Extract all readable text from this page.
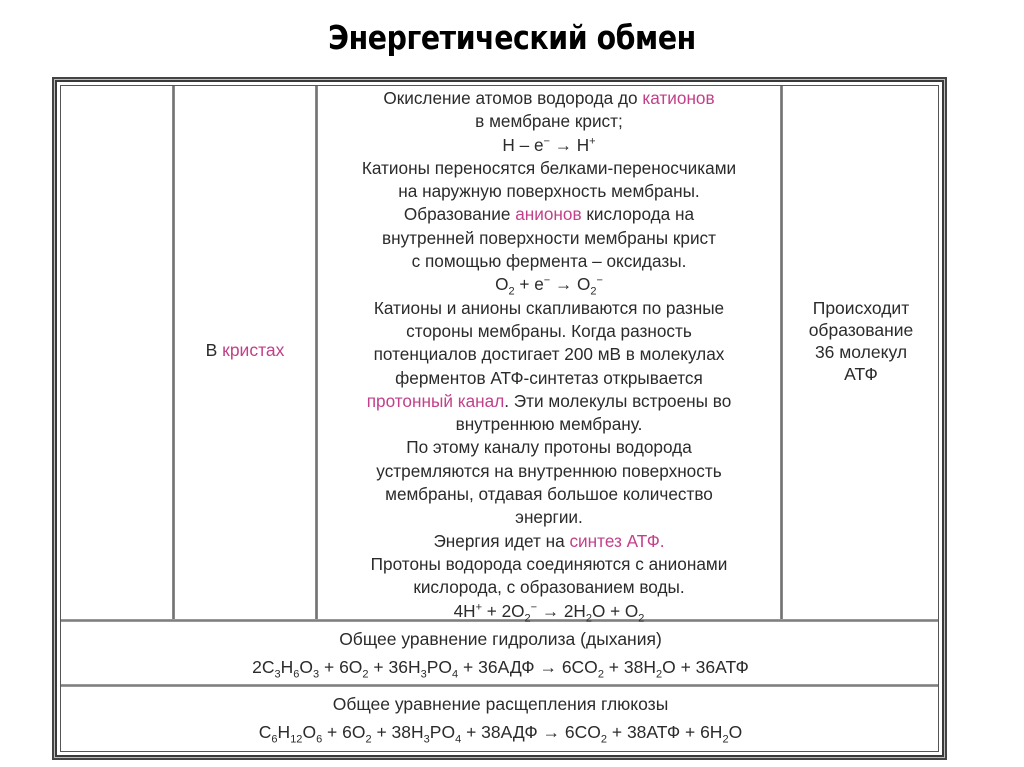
Энергетический обмен
В кристах
Окисление атомов водорода до катионов
в мембране крист;
H – e− → H+
Катионы переносятся белками-переносчиками
на наружную поверхность мембраны.
Образование анионов кислорода на
внутренней поверхности мембраны крист
с помощью фермента – оксидазы.
$O_2 + e^- \to O_2^-$
Катионы и анионы скапливаются по разные
стороны мембраны. Когда разность
потенциалов достигает 200 мВ в молекулах
ферментов АТФ-синтетаз открывается
протонный канал. Эти молекулы встроены во
внутреннюю мембрану.
По этому каналу протоны водорода
устремляются на внутреннюю поверхность
мембраны, отдавая большое количество
энергии.
Энергия идет на синтез АТФ.
Протоны водорода соединяются с анионами
кислорода, с образованием воды.
$4H^+ + 2O_2^- \to 2H_2O + O_2$
Происходит
образование
36 молекул
АТФ
Общее уравнение гидролиза (дыхания)
$2C_3H_6O_3 + 6O_2 + 36H_3PO_4 + 36АДФ \to 6CO_2 + 38H_2O + 36АТФ$
Общее уравнение расщепления глюкозы
$C_6H_{12}O_6 + 6O_2 + 38H_3PO_4 + 38АДФ \to 6CO_2 + 38АТФ + 6H_2O$
